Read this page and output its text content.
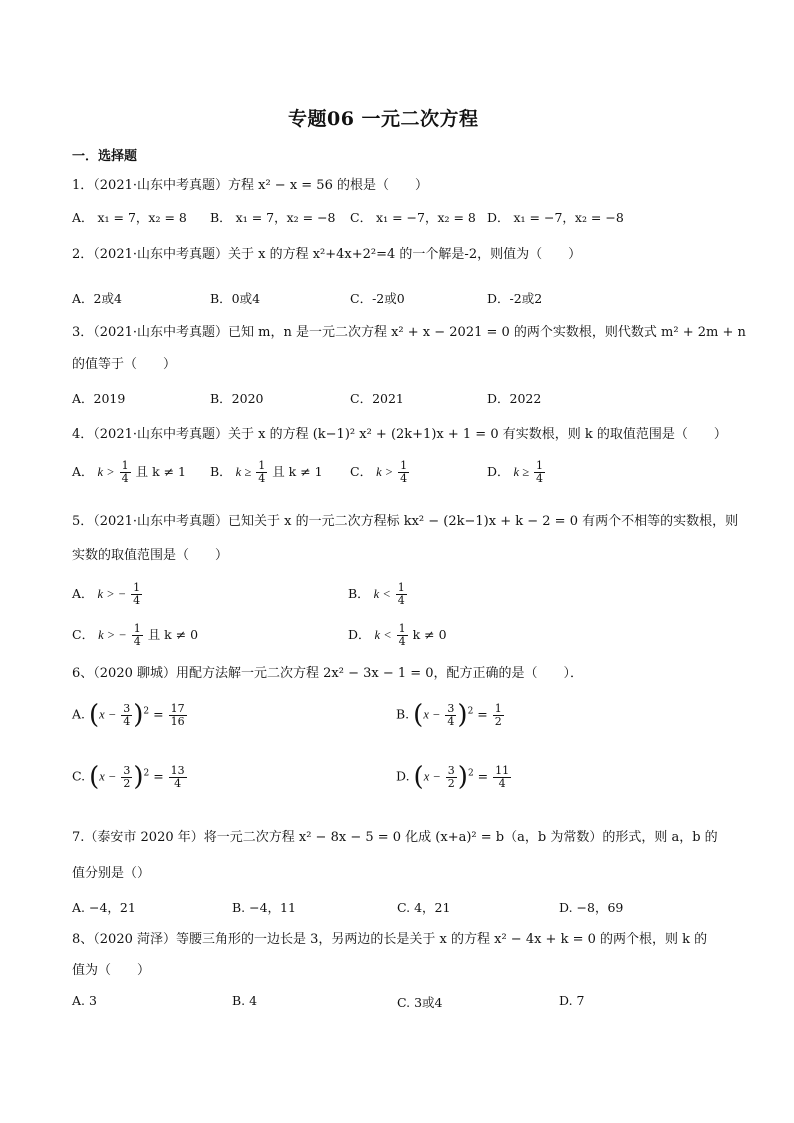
专题06 一元二次方程
一．选择题
1．（2021·山东中考真题）方程 x² − x = 56 的根是（　　）
A． x₁ = 7，x₂ = 8 B． x₁ = 7，x₂ = −8 C． x₁ = −7，x₂ = 8 D． x₁ = −7，x₂ = −8
2．（2021·山东中考真题）关于 x 的方程 x²+4x+2²=4 的一个解是-2，则值为（　　）
A．2或4	B．0或4	C．-2或0	D．-2或2
3．（2021·山东中考真题）已知 m，n 是一元二次方程 x² + x − 2021 = 0 的两个实数根，则代数式 m² + 2m + n
的值等于（　　）
A．2019	B．2020	C．2021	D．2022
4．（2021·山东中考真题）关于 x 的方程 (k−1)² x² + (2k+1)x + 1 = 0 有实数根，则 k 的取值范围是（　　）
A． $k > \frac{1}{4}$ 且 k ≠ 1 B． $k \ge \frac{1}{4}$ 且 k ≠ 1 C． $k > \frac{1}{4}$	D． $k \ge \frac{1}{4}$
5．（2021·山东中考真题）已知关于 x 的一元二次方程标 kx² − (2k−1)x + k − 2 = 0 有两个不相等的实数根，则
实数的取值范围是（　　）
A． k > − $\frac{1}{4}$	B． $k < \frac{1}{4}$
C． k > − $\frac{1}{4}$ 且 k ≠ 0	D． $k < \frac{1}{4}$ k ≠ 0
6、（2020 聊城）用配方法解一元二次方程 2x² − 3x − 1 = 0，配方正确的是（　　）．
A. $(x - \frac{3}{4} )^2 = \frac{17}{16}$	B. $(x - \frac{3}{4} )^2 = \frac{1}{2}$
C. $(x - \frac{3}{2} )^2 = \frac{13}{4}$	D. $(x - \frac{3}{2} )^2 = \frac{11}{4}$
7.（泰安市 2020 年）将一元二次方程 x² − 8x − 5 = 0 化成 (x+a)² = b（a，b 为常数）的形式，则 a，b 的
值分别是（）
A. −4，21	B. −4，11	C. 4，21	D. −8，69
8、（2020 菏泽）等腰三角形的一边长是 3，另两边的长是关于 x 的方程 x² − 4x + k = 0 的两个根，则 k 的
值为（　　）
A. 3	B. 4	C. 3或4	D. 7
